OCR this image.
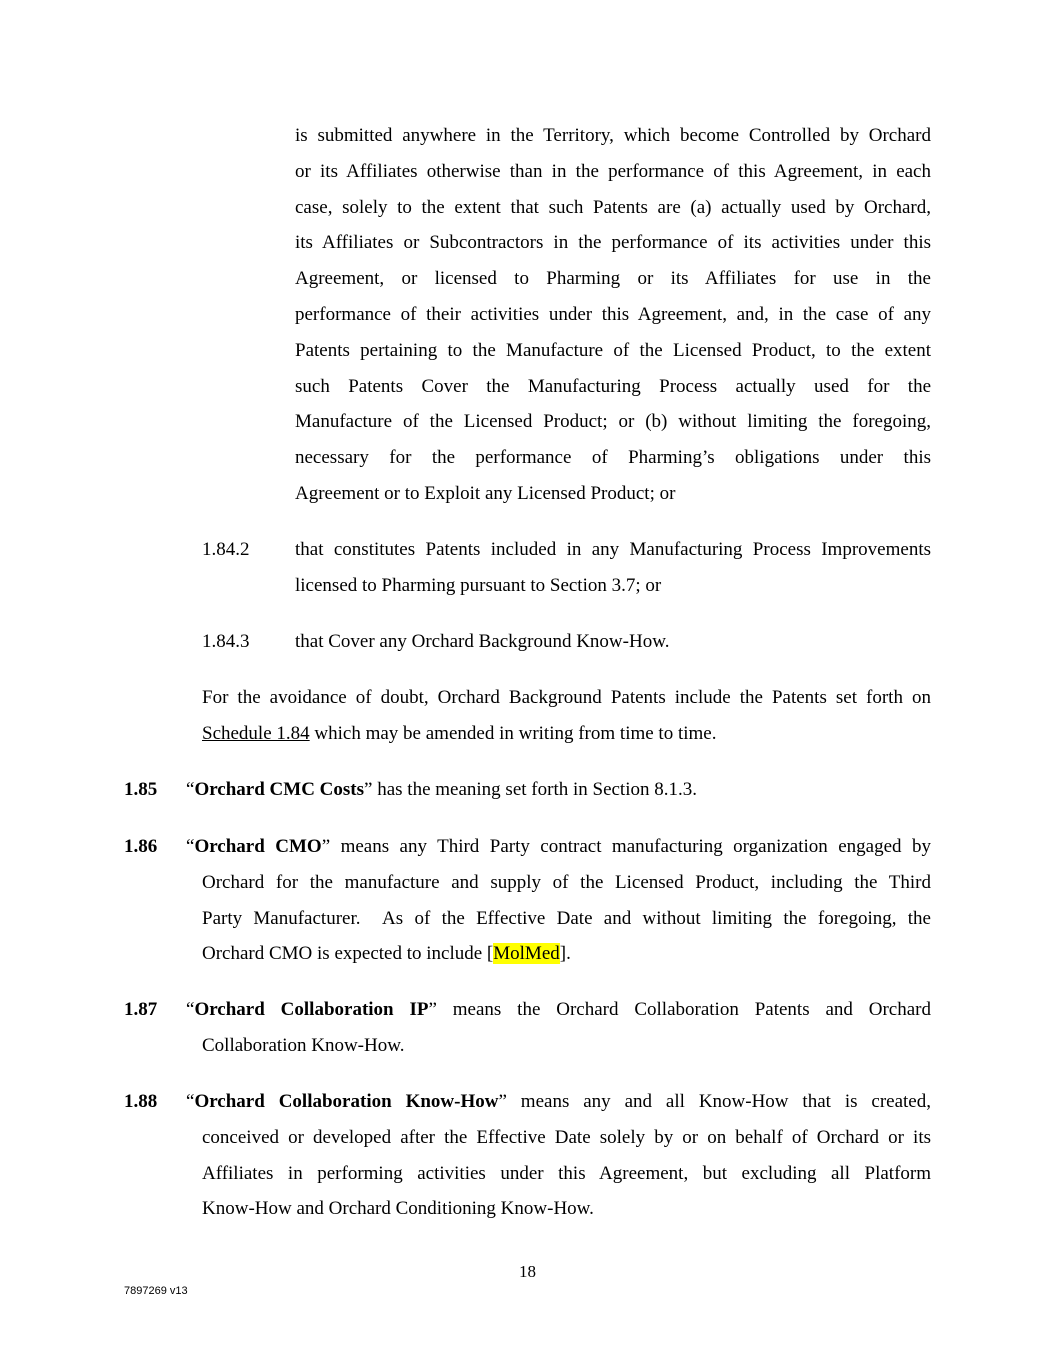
is submitted anywhere in the Territory, which become Controlled by Orchard

or its Affiliates otherwise than in the performance of this Agreement, in each

case, solely to the extent that such Patents are (a) actually used by Orchard,

its Affiliates or Subcontractors in the performance of its activities under this

Agreement, or licensed to Pharming or its Affiliates for use in the

performance of their activities under this Agreement, and, in the case of any

Patents pertaining to the Manufacture of the Licensed Product, to the extent

such Patents Cover the Manufacturing Process actually used for the

Manufacture of the Licensed Product; or (b) without limiting the foregoing,

necessary for the performance of Pharming’s obligations under this

Agreement or to Exploit any Licensed Product; or

1.84.2 that constitutes Patents included in any Manufacturing Process Improvements

licensed to Pharming pursuant to Section 3.7; or

1.84.3 that Cover any Orchard Background Know-How.

For the avoidance of doubt, Orchard Background Patents include the Patents set forth on

Schedule 1.84 which may be amended in writing from time to time.

1.85 “Orchard CMC Costs” has the meaning set forth in Section 8.1.3.

1.86 “Orchard CMO” means any Third Party contract manufacturing organization engaged by

Orchard for the manufacture and supply of the Licensed Product, including the Third

Party Manufacturer.  As of the Effective Date and without limiting the foregoing, the

Orchard CMO is expected to include [MolMed].

1.87 “Orchard Collaboration IP” means the Orchard Collaboration Patents and Orchard

Collaboration Know-How.

1.88 “Orchard Collaboration Know-How” means any and all Know-How that is created,

conceived or developed after the Effective Date solely by or on behalf of Orchard or its

Affiliates in performing activities under this Agreement, but excluding all Platform

Know-How and Orchard Conditioning Know-How.

18
7897269 v13
